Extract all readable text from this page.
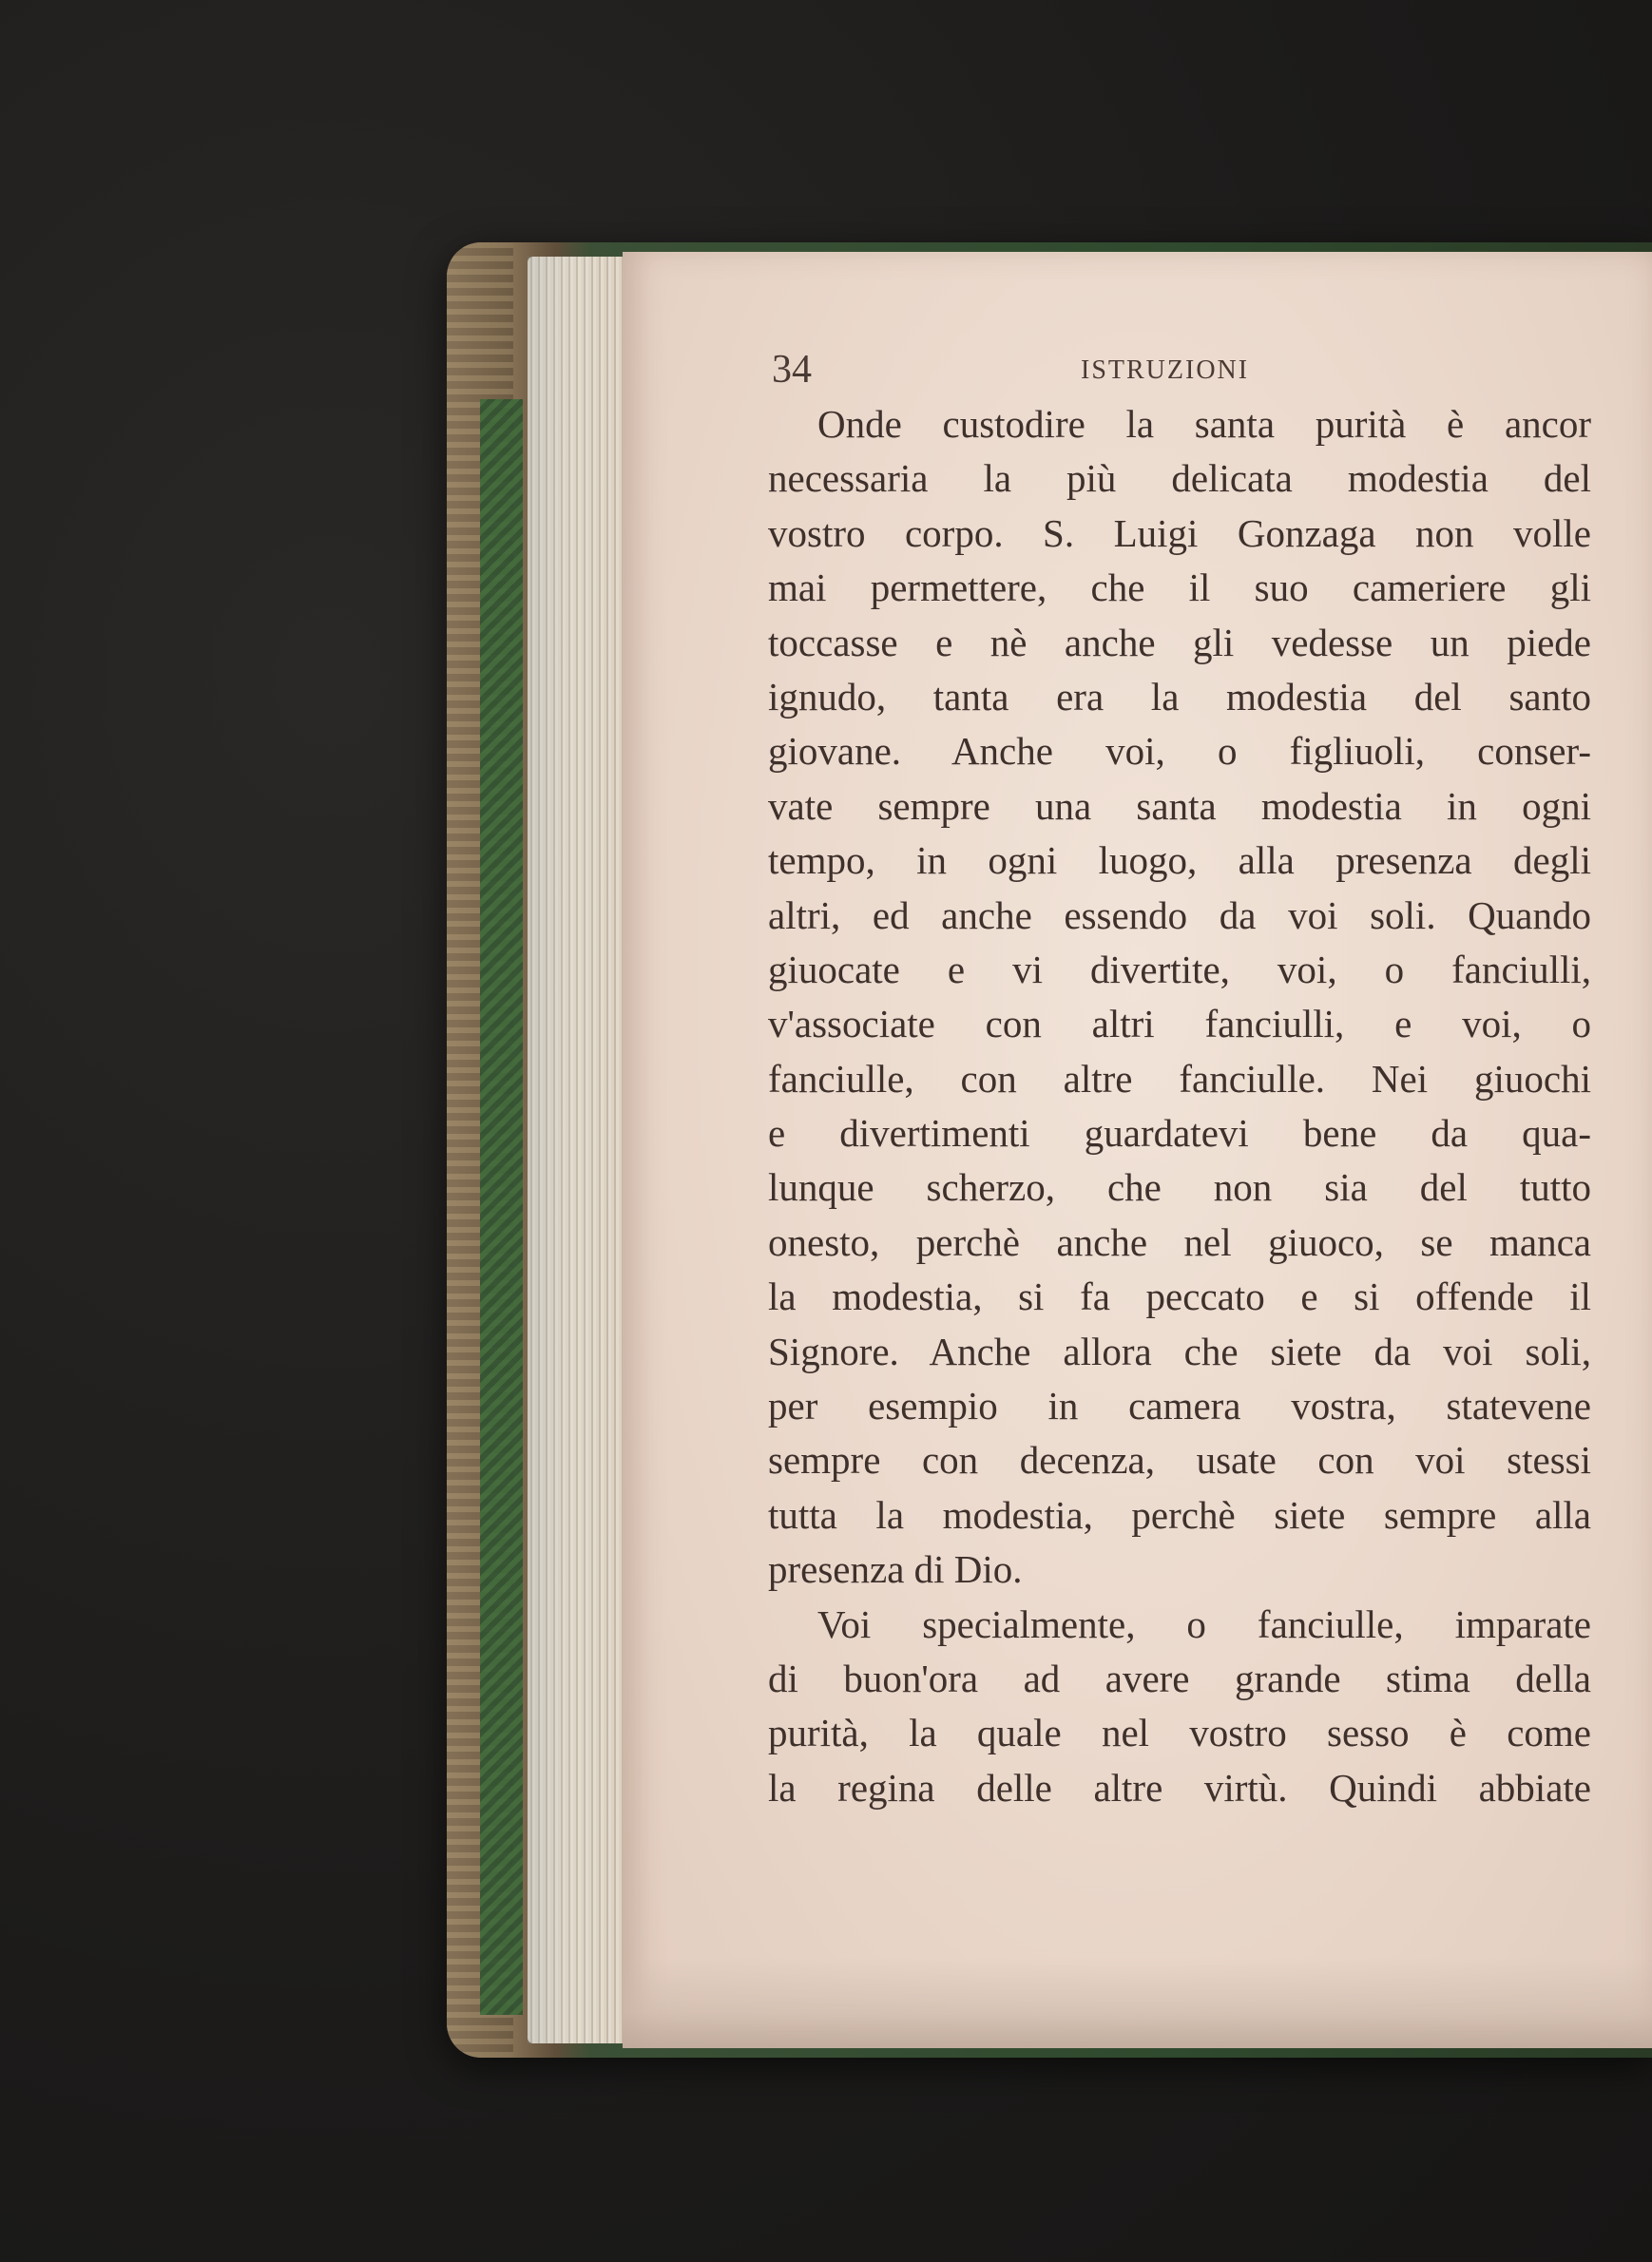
34	ISTRUZIONI
Onde custodire la santa purità è ancor
necessaria la più delicata modestia del
vostro corpo. S. Luigi Gonzaga non volle
mai permettere, che il suo cameriere gli
toccasse e nè anche gli vedesse un piede
ignudo, tanta era la modestia del santo
giovane. Anche voi, o figliuoli, conser-
vate sempre una santa modestia in ogni
tempo, in ogni luogo, alla presenza degli
altri, ed anche essendo da voi soli. Quando
giuocate e vi divertite, voi, o fanciulli,
v'associate con altri fanciulli, e voi, o
fanciulle, con altre fanciulle. Nei giuochi
e divertimenti guardatevi bene da qua-
lunque scherzo, che non sia del tutto
onesto, perchè anche nel giuoco, se manca
la modestia, si fa peccato e si offende il
Signore. Anche allora che siete da voi soli,
per esempio in camera vostra, statevene
sempre con decenza, usate con voi stessi
tutta la modestia, perchè siete sempre alla
presenza di Dio.
Voi specialmente, o fanciulle, imparate
di buon'ora ad avere grande stima della
purità, la quale nel vostro sesso è come
la regina delle altre virtù. Quindi abbiate
